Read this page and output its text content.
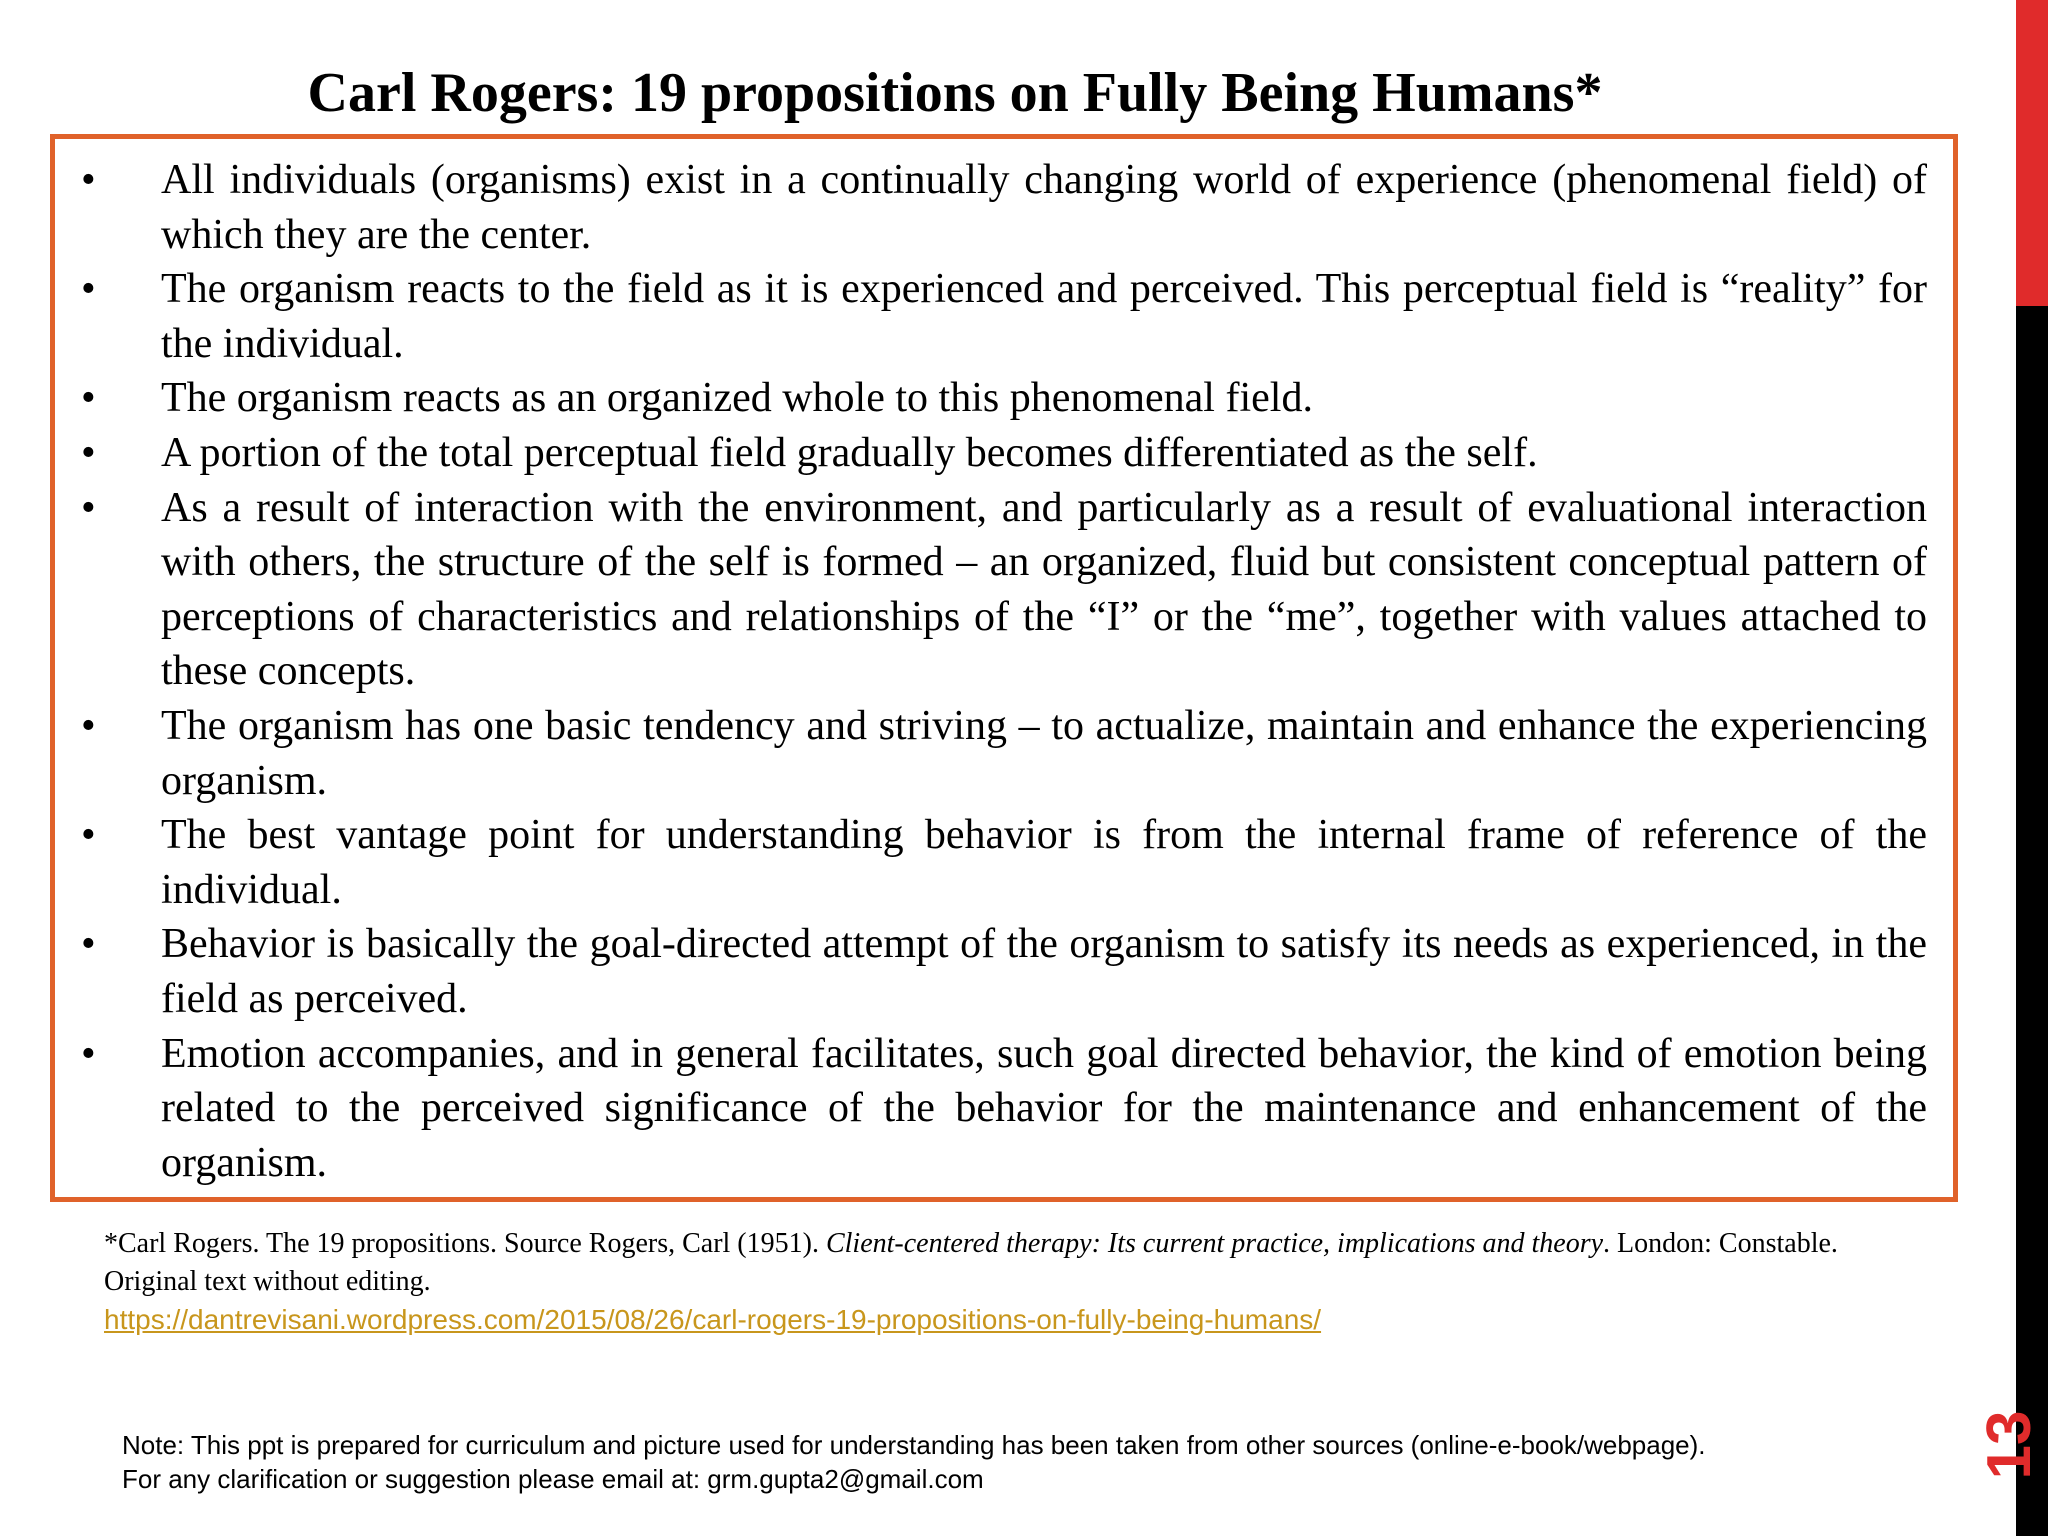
Carl Rogers: 19 propositions on Fully Being Humans*
•	All individuals (organisms) exist in a continually changing world of experience (phenomenal field) of which they are the center.
•	The organism reacts to the field as it is experienced and perceived. This perceptual field is “reality” for the individual.
•	The organism reacts as an organized whole to this phenomenal field.
•	A portion of the total perceptual field gradually becomes differentiated as the self.
•	As a result of interaction with the environment, and particularly as a result of evaluational interaction with others, the structure of the self is formed – an organized, fluid but consistent conceptual pattern of perceptions of characteristics and relationships of the “I” or the “me”, together with values attached to these concepts.
•	The organism has one basic tendency and striving – to actualize, maintain and enhance the experiencing organism.
•	The best vantage point for understanding behavior is from the internal frame of reference of the individual.
•	Behavior is basically the goal-directed attempt of the organism to satisfy its needs as experienced, in the field as perceived.
•	Emotion accompanies, and in general facilitates, such goal directed behavior, the kind of emotion being related to the perceived significance of the behavior for the maintenance and enhancement of the organism.
*Carl Rogers. The 19 propositions. Source Rogers, Carl (1951). Client-centered therapy: Its current practice, implications and theory. London: Constable. Original text without editing.
https://dantrevisani.wordpress.com/2015/08/26/carl-rogers-19-propositions-on-fully-being-humans/
Note: This ppt is prepared for curriculum and picture used for understanding has been taken from other sources (online-e-book/webpage).
For any clarification or suggestion please email at: grm.gupta2@gmail.com	13
